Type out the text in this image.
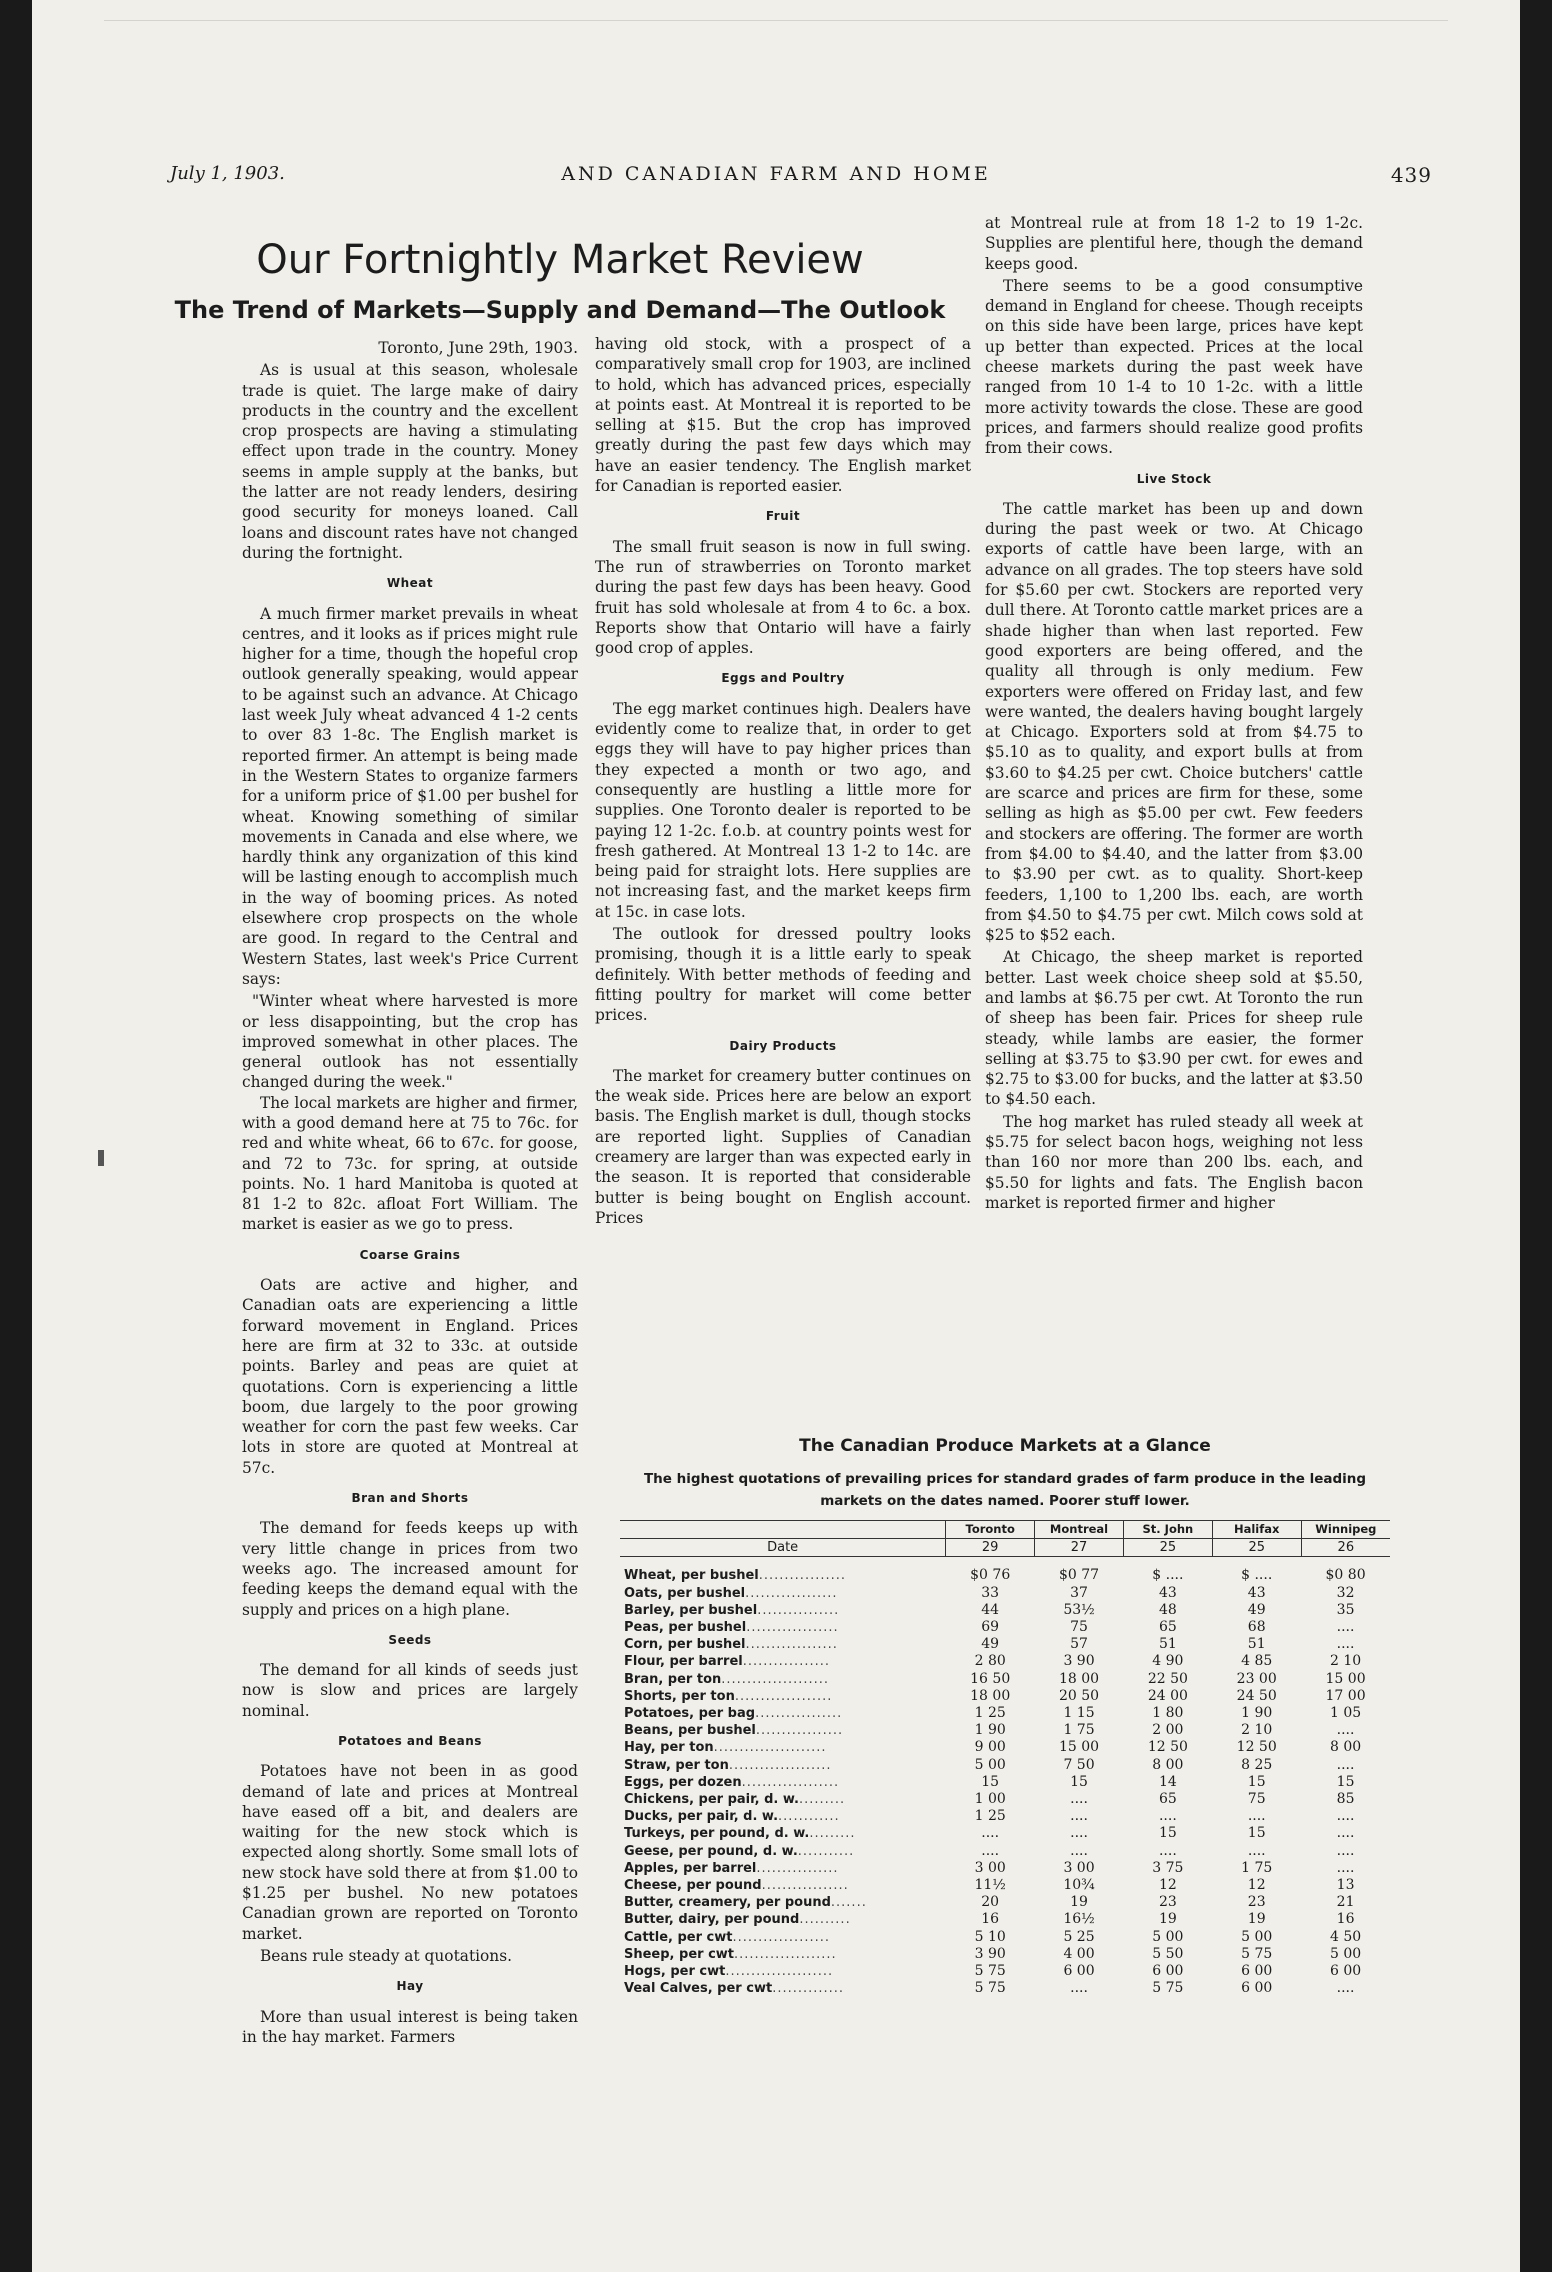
July 1, 1903.	AND CANADIAN FARM AND HOME	439
Our Fortnightly Market Review
The Trend of Markets—Supply and Demand—The Outlook
Toronto, June 29th, 1903.

As is usual at this season, wholesale trade is quiet. The large make of dairy products in the country and the excellent crop prospects are having a stimulating effect upon trade in the country. Money seems in ample supply at the banks, but the latter are not ready lenders, desiring good security for moneys loaned. Call loans and discount rates have not changed during the fortnight.

Wheat

A much firmer market prevails in wheat centres, and it looks as if prices might rule higher for a time, though the hopeful crop outlook generally speaking, would appear to be against such an advance. At Chicago last week July wheat advanced 4 1-2 cents to over 83 1-8c. The English market is reported firmer. An attempt is being made in the Western States to organize farmers for a uniform price of $1.00 per bushel for wheat. Knowing something of similar movements in Canada and else where, we hardly think any organization of this kind will be lasting enough to accomplish much in the way of booming prices. As noted elsewhere crop prospects on the whole are good. In regard to the Central and Western States, last week's Price Current says:

"Winter wheat where harvested is more or less disappointing, but the crop has improved somewhat in other places. The general outlook has not essentially changed during the week."

The local markets are higher and firmer, with a good demand here at 75 to 76c. for red and white wheat, 66 to 67c. for goose, and 72 to 73c. for spring, at outside points. No. 1 hard Manitoba is quoted at 81 1-2 to 82c. afloat Fort William. The market is easier as we go to press.

Coarse Grains

Oats are active and higher, and Canadian oats are experiencing a little forward movement in England. Prices here are firm at 32 to 33c. at outside points. Barley and peas are quiet at quotations. Corn is experiencing a little boom, due largely to the poor growing weather for corn the past few weeks. Car lots in store are quoted at Montreal at 57c.

Bran and Shorts

The demand for feeds keeps up with very little change in prices from two weeks ago. The increased amount for feeding keeps the demand equal with the supply and prices on a high plane.

Seeds

The demand for all kinds of seeds just now is slow and prices are largely nominal.

Potatoes and Beans

Potatoes have not been in as good demand of late and prices at Montreal have eased off a bit, and dealers are waiting for the new stock which is expected along shortly. Some small lots of new stock have sold there at from $1.00 to $1.25 per bushel. No new potatoes Canadian grown are reported on Toronto market.

Beans rule steady at quotations.

Hay

More than usual interest is being taken in the hay market. Farmers

having old stock, with a prospect of a comparatively small crop for 1903, are inclined to hold, which has advanced prices, especially at points east. At Montreal it is reported to be selling at $15. But the crop has improved greatly during the past few days which may have an easier tendency. The English market for Canadian is reported easier.

Fruit

The small fruit season is now in full swing. The run of strawberries on Toronto market during the past few days has been heavy. Good fruit has sold wholesale at from 4 to 6c. a box. Reports show that Ontario will have a fairly good crop of apples.

Eggs and Poultry

The egg market continues high. Dealers have evidently come to realize that, in order to get eggs they will have to pay higher prices than they expected a month or two ago, and consequently are hustling a little more for supplies. One Toronto dealer is reported to be paying 12 1-2c. f.o.b. at country points west for fresh gathered. At Montreal 13 1-2 to 14c. are being paid for straight lots. Here supplies are not increasing fast, and the market keeps firm at 15c. in case lots.

The outlook for dressed poultry looks promising, though it is a little early to speak definitely. With better methods of feeding and fitting poultry for market will come better prices.

Dairy Products

The market for creamery butter continues on the weak side. Prices here are below an export basis. The English market is dull, though stocks are reported light. Supplies of Canadian creamery are larger than was expected early in the season. It is reported that considerable butter is being bought on English account. Prices

at Montreal rule at from 18 1-2 to 19 1-2c. Supplies are plentiful here, though the demand keeps good.

There seems to be a good consumptive demand in England for cheese. Though receipts on this side have been large, prices have kept up better than expected. Prices at the local cheese markets during the past week have ranged from 10 1-4 to 10 1-2c. with a little more activity towards the close. These are good prices, and farmers should realize good profits from their cows.

Live Stock

The cattle market has been up and down during the past week or two. At Chicago exports of cattle have been large, with an advance on all grades. The top steers have sold for $5.60 per cwt. Stockers are reported very dull there. At Toronto cattle market prices are a shade higher than when last reported. Few good exporters are being offered, and the quality all through is only medium. Few exporters were offered on Friday last, and few were wanted, the dealers having bought largely at Chicago. Exporters sold at from $4.75 to $5.10 as to quality, and export bulls at from $3.60 to $4.25 per cwt. Choice butchers' cattle are scarce and prices are firm for these, some selling as high as $5.00 per cwt. Few feeders and stockers are offering. The former are worth from $4.00 to $4.40, and the latter from $3.00 to $3.90 per cwt. as to quality. Short-keep feeders, 1,100 to 1,200 lbs. each, are worth from $4.50 to $4.75 per cwt. Milch cows sold at $25 to $52 each.

At Chicago, the sheep market is reported better. Last week choice sheep sold at $5.50, and lambs at $6.75 per cwt. At Toronto the run of sheep has been fair. Prices for sheep rule steady, while lambs are easier, the former selling at $3.75 to $3.90 per cwt. for ewes and $2.75 to $3.00 for bucks, and the latter at $3.50 to $4.50 each.

The hog market has ruled steady all week at $5.75 for select bacon hogs, weighing not less than 160 nor more than 200 lbs. each, and $5.50 for lights and fats. The English bacon market is reported firmer and higher

The Canadian Produce Markets at a Glance
The highest quotations of prevailing prices for standard grades of farm produce in the leading
markets on the dates named. Poorer stuff lower.
	Toronto	Montreal	St. John	Halifax	Winnipeg
Date	29	27	25	25	26
Wheat, per bushel.................	$0 76	$0 77	$ ....	$ ....	$0 80
Oats, per bushel..................	33	37	43	43	32
Barley, per bushel................	44	53½	48	49	35
Peas, per bushel..................	69	75	65	68	....
Corn, per bushel..................	49	57	51	51	....
Flour, per barrel.................	2 80	3 90	4 90	4 85	2 10
Bran, per ton.....................	16 50	18 00	22 50	23 00	15 00
Shorts, per ton...................	18 00	20 50	24 00	24 50	17 00
Potatoes, per bag.................	1 25	1 15	1 80	1 90	1 05
Beans, per bushel.................	1 90	1 75	2 00	2 10	....
Hay, per ton......................	9 00	15 00	12 50	12 50	8 00
Straw, per ton....................	5 00	7 50	8 00	8 25	....
Eggs, per dozen...................	15	15	14	15	15
Chickens, per pair, d. w..........	1 00	....	65	75	85
Ducks, per pair, d. w.............	1 25	....	....	....	....
Turkeys, per pound, d. w..........	....	....	15	15	....
Geese, per pound, d. w............	....	....	....	....	....
Apples, per barrel................	3 00	3 00	3 75	1 75	....
Cheese, per pound.................	11½	10¾	12	12	13
Butter, creamery, per pound.......	20	19	23	23	21
Butter, dairy, per pound..........	16	16½	19	19	16
Cattle, per cwt...................	5 10	5 25	5 00	5 00	4 50
Sheep, per cwt....................	3 90	4 00	5 50	5 75	5 00
Hogs, per cwt.....................	5 75	6 00	6 00	6 00	6 00
Veal Calves, per cwt..............	5 75	....	5 75	6 00	....
